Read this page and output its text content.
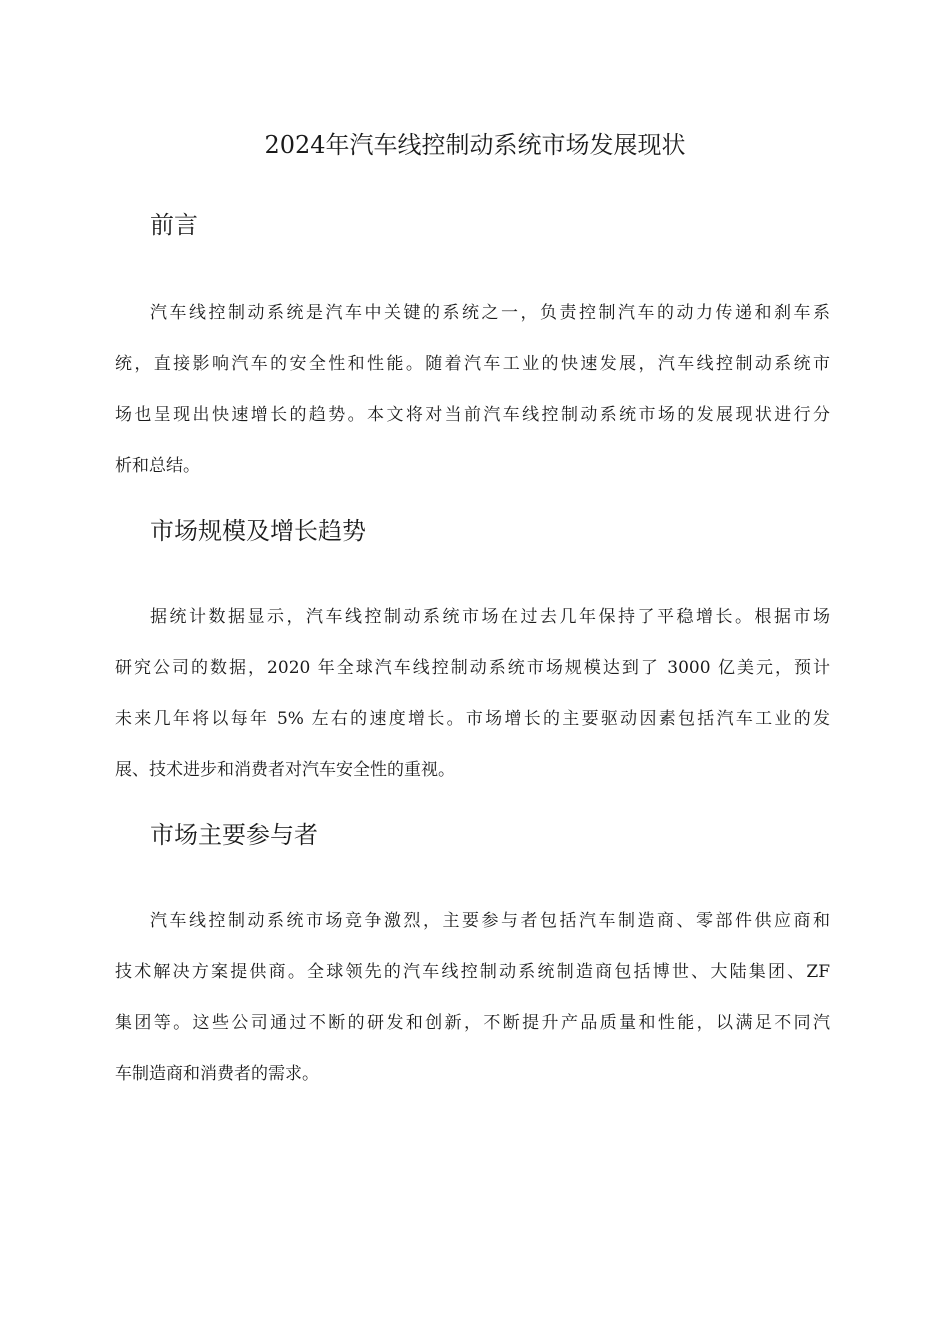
2024年汽车线控制动系统市场发展现状
前言
汽车线控制动系统是汽车中关键的系统之一，负责控制汽车的动力传递和刹车系
统，直接影响汽车的安全性和性能。随着汽车工业的快速发展，汽车线控制动系统市
场也呈现出快速增长的趋势。本文将对当前汽车线控制动系统市场的发展现状进行分
析和总结。
市场规模及增长趋势
据统计数据显示，汽车线控制动系统市场在过去几年保持了平稳增长。根据市场
研究公司的数据，2020 年全球汽车线控制动系统市场规模达到了 3000 亿美元，预计
未来几年将以每年 5% 左右的速度增长。市场增长的主要驱动因素包括汽车工业的发
展、技术进步和消费者对汽车安全性的重视。
市场主要参与者
汽车线控制动系统市场竞争激烈，主要参与者包括汽车制造商、零部件供应商和
技术解决方案提供商。全球领先的汽车线控制动系统制造商包括博世、大陆集团、ZF
集团等。这些公司通过不断的研发和创新，不断提升产品质量和性能，以满足不同汽
车制造商和消费者的需求。
